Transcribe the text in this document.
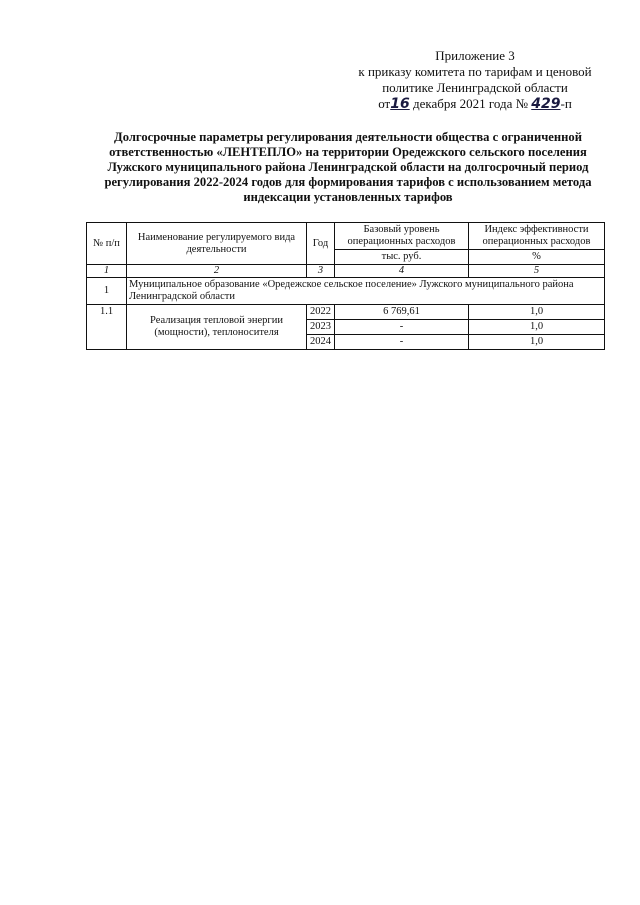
Приложение 3
к приказу комитета по тарифам и ценовой
политике Ленинградской области
от16 декабря 2021 года № 429-п
Долгосрочные параметры регулирования деятельности общества с ограниченной
ответственностью «ЛЕНТЕПЛО» на территории Оредежского сельского поселения
Лужского муниципального района Ленинградской области на долгосрочный период
регулирования 2022-2024 годов для формирования тарифов с использованием метода
индексации установленных тарифов
№ п/п	Наименование регулируемого вида деятельности	Год	Базовый уровень операционных расходов	Индекс эффективности операционных расходов
			тыс. руб.	%
1	2	3	4	5
1	Муниципальное образование «Оредежское сельское поселение» Лужского муниципального района Ленинградской области			
1.1	Реализация тепловой энергии (мощности), теплоносителя	2022	6 769,61	1,0
		2023	-	1,0
		2024	-	1,0
